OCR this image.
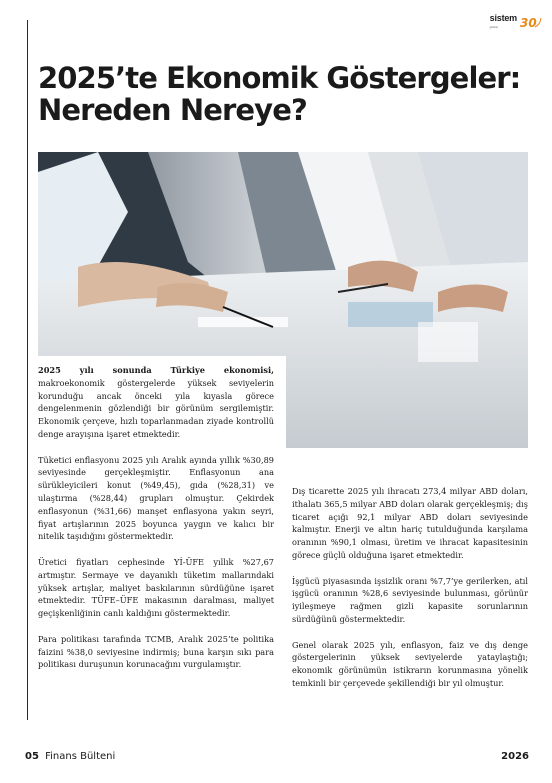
sistem
global	30
2025’te Ekonomik Göstergeler:
Nereden Nereye?

2025 yılı sonunda Türkiye ekonomisi, makroekonomik göstergelerde yüksek seviyelerin korunduğu ancak önceki yıla kıyasla görece dengelenmenin gözlendiği bir görünüm sergilemiştir. Ekonomik çerçeve, hızlı toparlanmadan ziyade kontrollü denge arayışına işaret etmektedir.

Tüketici enflasyonu 2025 yılı Aralık ayında yıllık %30,89 seviyesinde gerçekleşmiştir. Enflasyonun ana sürükleyicileri konut (%49,45), gıda (%28,31) ve ulaştırma (%28,44) grupları olmuştur. Çekirdek enflasyonun (%31,66) manşet enflasyona yakın seyri, fiyat artışlarının 2025 boyunca yaygın ve kalıcı bir nitelik taşıdığını göstermektedir.

Üretici fiyatları cephesinde Yİ-ÜFE yıllık %27,67 artmıştır. Sermaye ve dayanıklı tüketim mallarındaki yüksek artışlar, maliyet baskılarının sürdüğüne işaret etmektedir. TÜFE–ÜFE makasının daralması, maliyet geçişkenliğinin canlı kaldığını göstermektedir.

Para politikası tarafında TCMB, Aralık 2025’te politika faizini %38,0 seviyesine indirmiş; buna karşın sıkı para politikası duruşunun korunacağını vurgulamıştır.

Dış ticarette 2025 yılı ihracatı 273,4 milyar ABD doları, ithalatı 365,5 milyar ABD doları olarak gerçekleşmiş; dış ticaret açığı 92,1 milyar ABD doları seviyesinde kalmıştır. Enerji ve altın hariç tutulduğunda karşılama oranının %90,1 olması, üretim ve ihracat kapasitesinin görece güçlü olduğuna işaret etmektedir.

İşgücü piyasasında işsizlik oranı %7,7’ye gerilerken, atıl işgücü oranının %28,6 seviyesinde bulunması, görünür iyileşmeye rağmen gizli kapasite sorunlarının sürdüğünü göstermektedir.

Genel olarak 2025 yılı, enflasyon, faiz ve dış denge göstergelerinin yüksek seviyelerde yataylaştığı; ekonomik görünümün istikrarın korunmasına yönelik temkinli bir çerçevede şekillendiği bir yıl olmuştur.

05 Finans Bülteni	2026
